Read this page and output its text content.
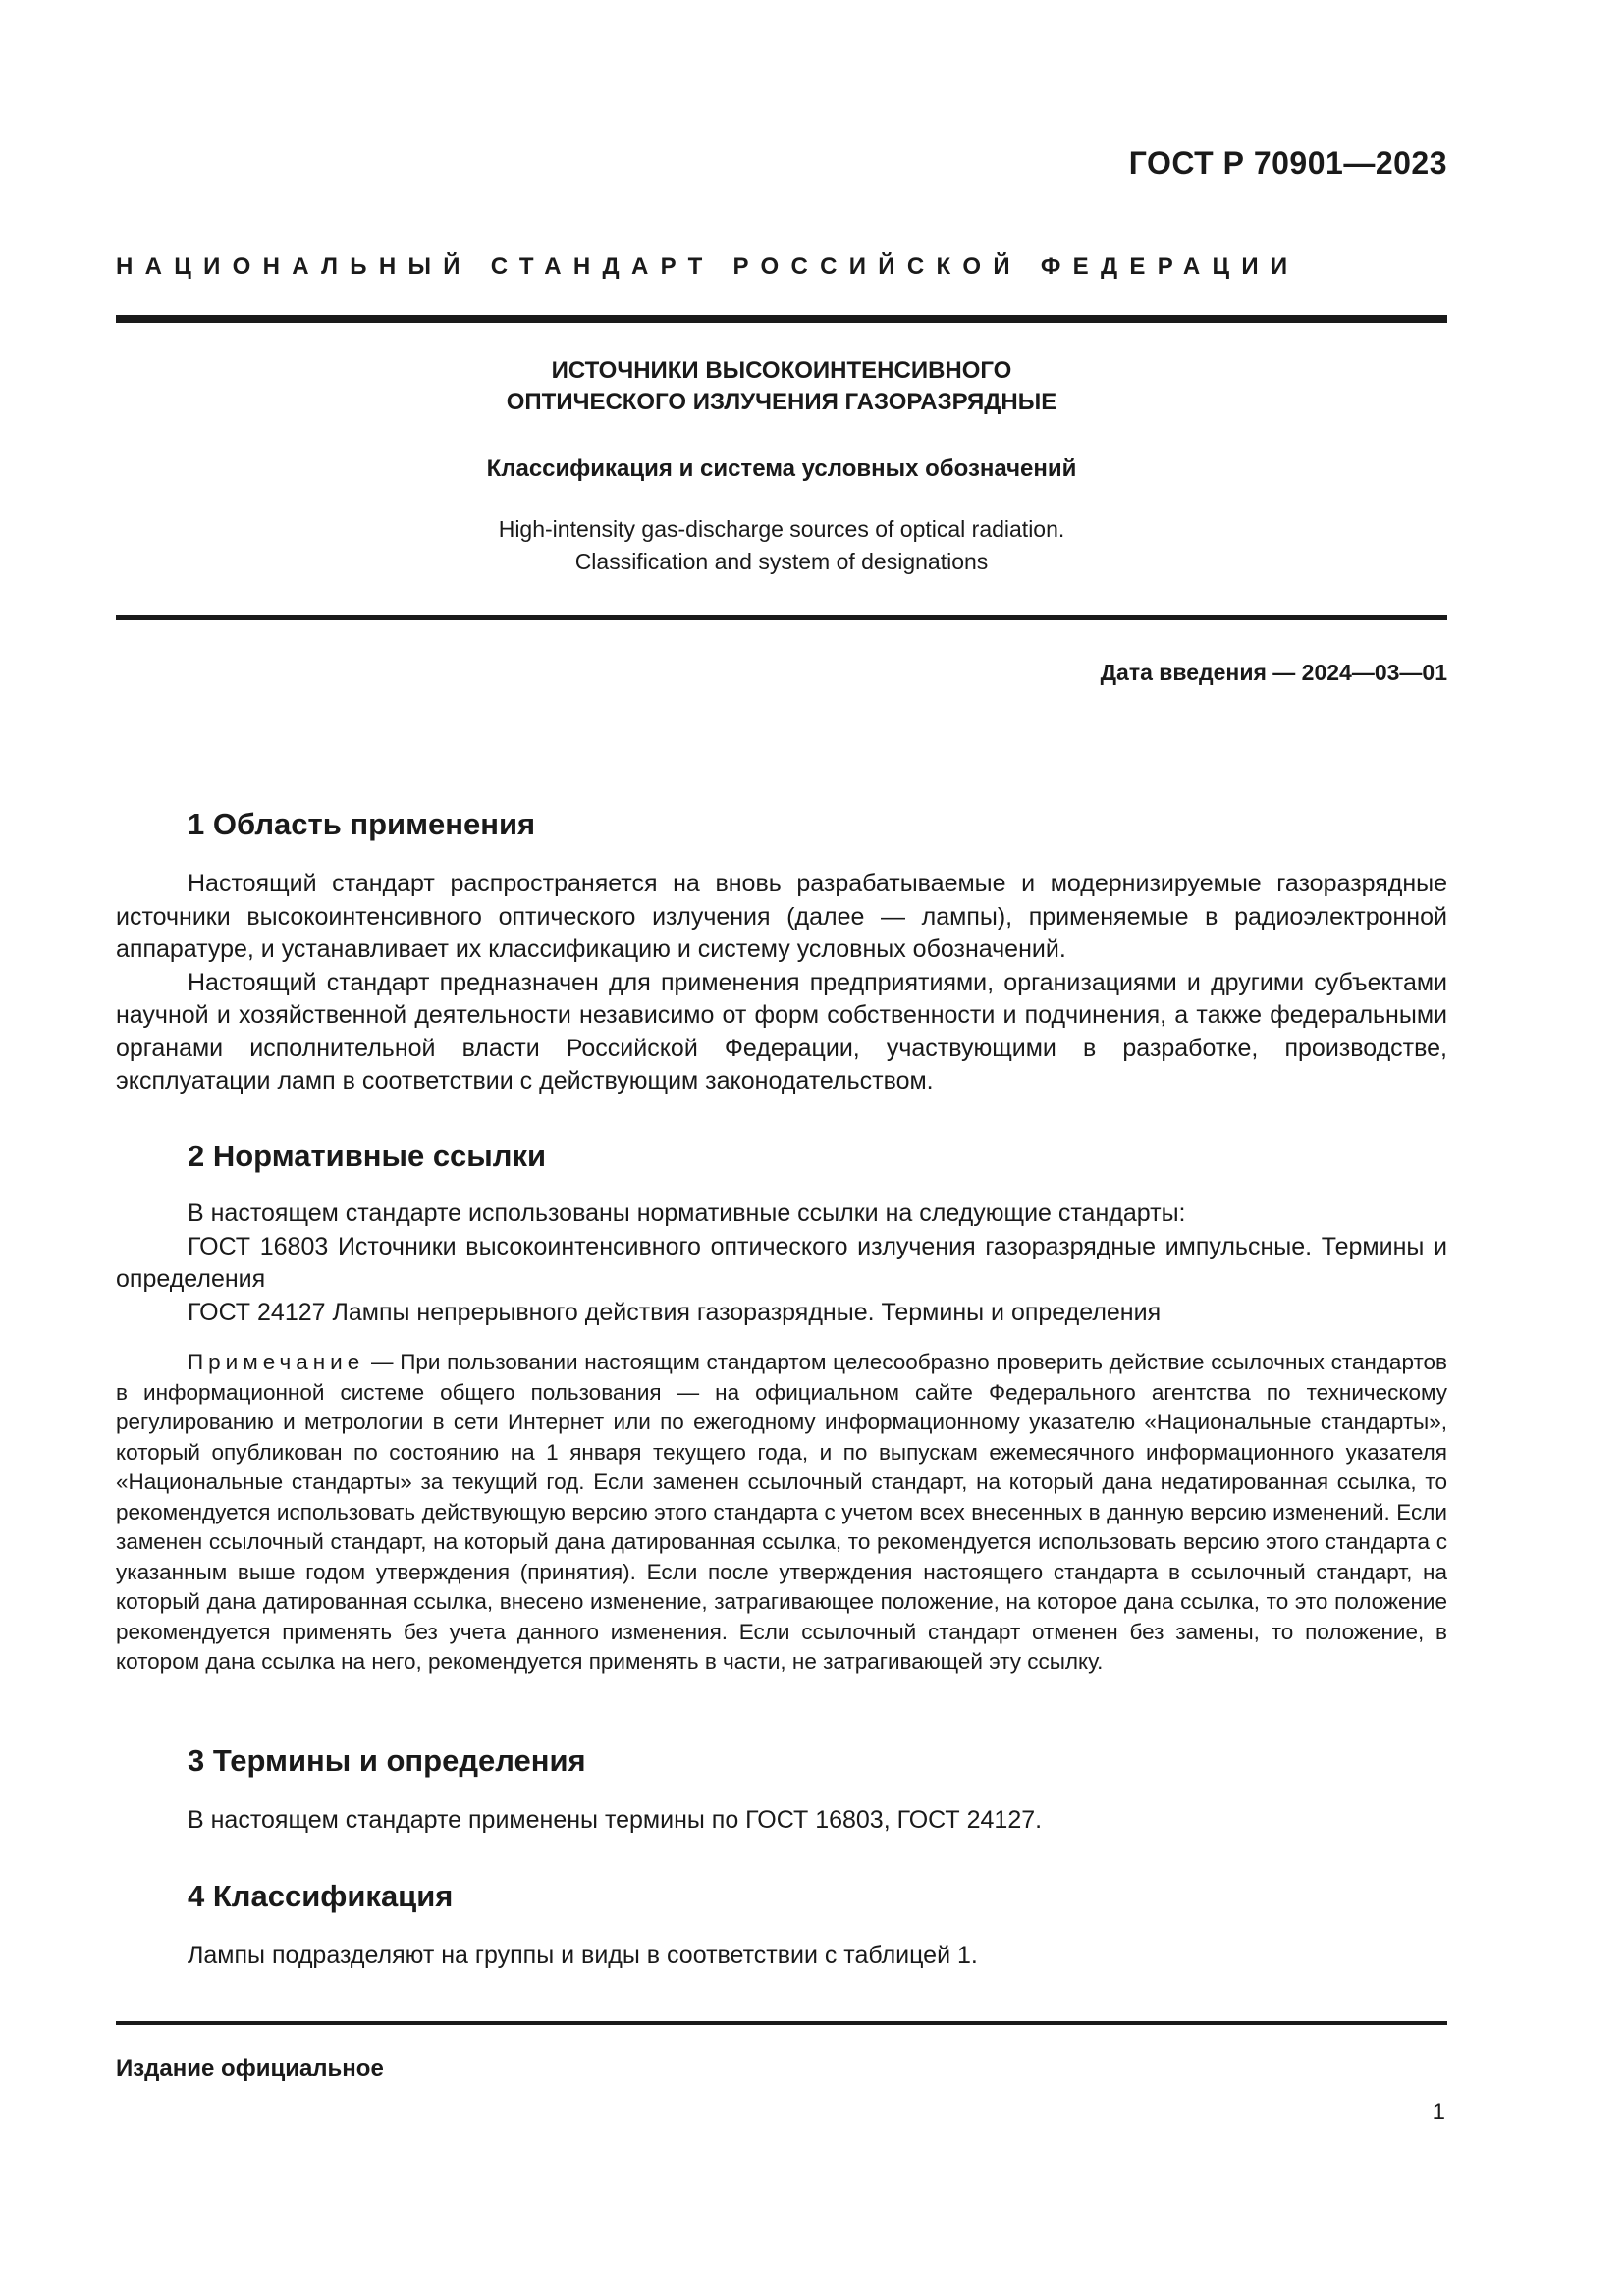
ГОСТ Р 70901—2023
НАЦИОНАЛЬНЫЙ СТАНДАРТ РОССИЙСКОЙ ФЕДЕРАЦИИ
ИСТОЧНИКИ ВЫСОКОИНТЕНСИВНОГО
ОПТИЧЕСКОГО ИЗЛУЧЕНИЯ ГАЗОРАЗРЯДНЫЕ
Классификация и система условных обозначений
High-intensity gas-discharge sources of optical radiation.
Classification and system of designations
Дата введения — 2024—03—01
1 Область применения

Настоящий стандарт распространяется на вновь разрабатываемые и модернизируемые газоразрядные источники высокоинтенсивного оптического излучения (далее — лампы), применяемые в радиоэлектронной аппаратуре, и устанавливает их классификацию и систему условных обозначений.

Настоящий стандарт предназначен для применения предприятиями, организациями и другими субъектами научной и хозяйственной деятельности независимо от форм собственности и подчинения, а также федеральными органами исполнительной власти Российской Федерации, участвующими в разработке, производстве, эксплуатации ламп в соответствии с действующим законодательством.

2 Нормативные ссылки

В настоящем стандарте использованы нормативные ссылки на следующие стандарты:

ГОСТ 16803 Источники высокоинтенсивного оптического излучения газоразрядные импульсные. Термины и определения

ГОСТ 24127 Лампы непрерывного действия газоразрядные. Термины и определения

Примечание — При пользовании настоящим стандартом целесообразно проверить действие ссылочных стандартов в информационной системе общего пользования — на официальном сайте Федерального агентства по техническому регулированию и метрологии в сети Интернет или по ежегодному информационному указателю «Национальные стандарты», который опубликован по состоянию на 1 января текущего года, и по выпускам ежемесячного информационного указателя «Национальные стандарты» за текущий год. Если заменен ссылочный стандарт, на который дана недатированная ссылка, то рекомендуется использовать действующую версию этого стандарта с учетом всех внесенных в данную версию изменений. Если заменен ссылочный стандарт, на который дана датированная ссылка, то рекомендуется использовать версию этого стандарта с указанным выше годом утверждения (принятия). Если после утверждения настоящего стандарта в ссылочный стандарт, на который дана датированная ссылка, внесено изменение, затрагивающее положение, на которое дана ссылка, то это положение рекомендуется применять без учета данного изменения. Если ссылочный стандарт отменен без замены, то положение, в котором дана ссылка на него, рекомендуется применять в части, не затрагивающей эту ссылку.

3 Термины и определения

В настоящем стандарте применены термины по ГОСТ 16803, ГОСТ 24127.

4 Классификация

Лампы подразделяют на группы и виды в соответствии с таблицей 1.

Издание официальное
1
